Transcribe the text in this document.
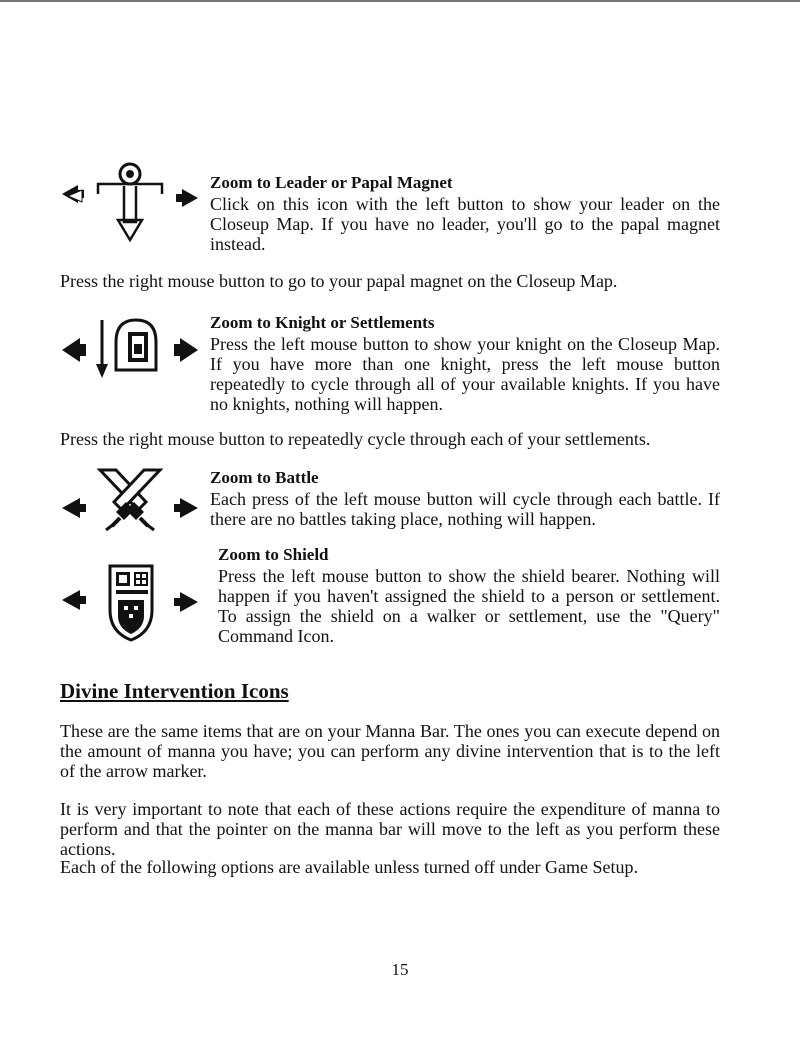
Zoom to Leader or Papal Magnet

Click on this icon with the left button to show your leader on the Closeup Map. If you have no leader, you'll go to the papal magnet instead.

Press the right mouse button to go to your papal magnet on the Closeup Map.

Zoom to Knight or Settlements

Press the left mouse button to show your knight on the Closeup Map. If you have more than one knight, press the left mouse button repeatedly to cycle through all of your available knights. If you have no knights, nothing will happen.

Press the right mouse button to repeatedly cycle through each of your settlements.

Zoom to Battle

Each press of the left mouse button will cycle through each battle. If there are no battles taking place, nothing will happen.

Zoom to Shield

Press the left mouse button to show the shield bearer. Nothing will happen if you haven't assigned the shield to a person or settlement. To assign the shield on a walker or settlement, use the "Query" Command Icon.

Divine Intervention Icons

These are the same items that are on your Manna Bar. The ones you can execute depend on the amount of manna you have; you can perform any divine intervention that is to the left of the arrow marker.

It is very important to note that each of these actions require the expenditure of manna to perform and that the pointer on the manna bar will move to the left as you perform these actions.

Each of the following options are available unless turned off under Game Setup.

15
